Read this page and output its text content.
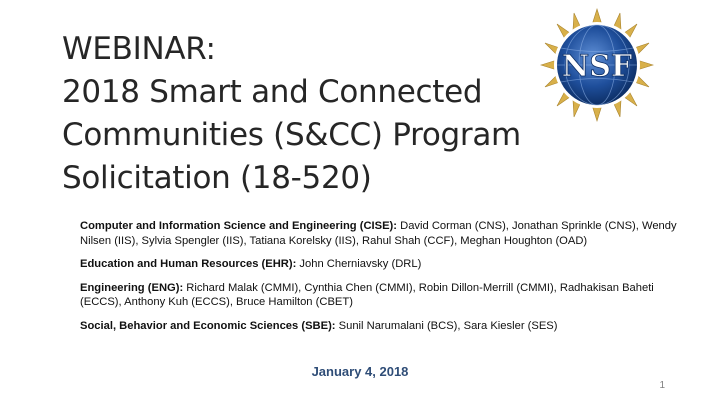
WEBINAR:
2018 Smart and Connected
Communities (S&CC) Program
Solicitation (18-520)
NSF

Computer and Information Science and Engineering (CISE): David Corman (CNS), Jonathan Sprinkle (CNS), Wendy Nilsen (IIS), Sylvia Spengler (IIS), Tatiana Korelsky (IIS), Rahul Shah (CCF), Meghan Houghton (OAD)

Education and Human Resources (EHR): John Cherniavsky (DRL)

Engineering (ENG): Richard Malak (CMMI), Cynthia Chen (CMMI), Robin Dillon-Merrill (CMMI), Radhakisan Baheti (ECCS), Anthony Kuh (ECCS), Bruce Hamilton (CBET)

Social, Behavior and Economic Sciences (SBE): Sunil Narumalani (BCS), Sara Kiesler (SES)

January 4, 2018
1
